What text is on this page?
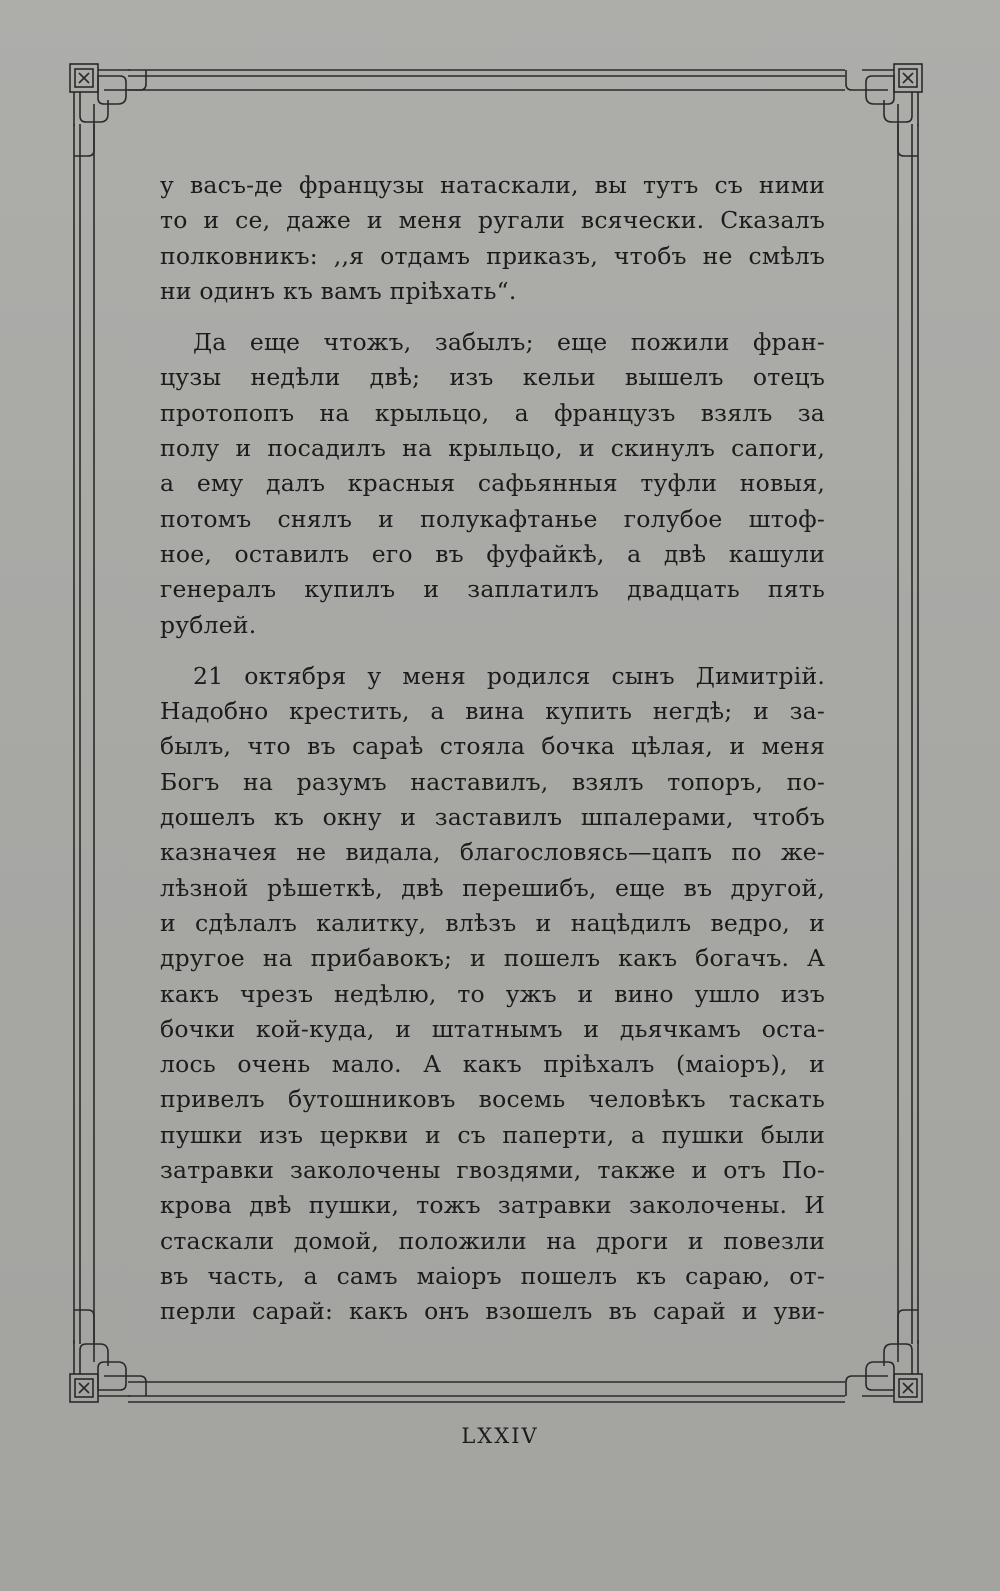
у васъ-де французы натаскали, вы тутъ съ ними
то и се, даже и меня ругали всячески. Сказалъ
полковникъ: ,,я отдамъ приказъ, чтобъ не смѣлъ
ни одинъ къ вамъ пріѣхать“.
Да еще чтожъ, забылъ; еще пожили фран-
цузы недѣли двѣ; изъ кельи вышелъ отецъ
протопопъ на крыльцо, а французъ взялъ за
полу и посадилъ на крыльцо, и скинулъ сапоги,
а ему далъ красныя сафьянныя туфли новыя,
потомъ снялъ и полукафтанье голубое штоф-
ное, оставилъ его въ фуфайкѣ, а двѣ кашули
генералъ купилъ и заплатилъ двадцать пять
рублей.
21 октября у меня родился сынъ Димитрій.
Надобно крестить, а вина купить негдѣ; и за-
былъ, что въ сараѣ стояла бочка цѣлая, и меня
Богъ на разумъ наставилъ, взялъ топоръ, по-
дошелъ къ окну и заставилъ шпалерами, чтобъ
казначея не видала, благословясь—цапъ по же-
лѣзной рѣшеткѣ, двѣ перешибъ, еще въ другой,
и сдѣлалъ калитку, влѣзъ и нацѣдилъ ведро, и
другое на прибавокъ; и пошелъ какъ богачъ. А
какъ чрезъ недѣлю, то ужъ и вино ушло изъ
бочки кой-куда, и штатнымъ и дьячкамъ оста-
лось очень мало. А какъ пріѣхалъ (маіоръ), и
привелъ бутошниковъ восемь человѣкъ таскать
пушки изъ церкви и съ паперти, а пушки были
затравки заколочены гвоздями, также и отъ По-
крова двѣ пушки, тожъ затравки заколочены. И
стаскали домой, положили на дроги и повезли
въ часть, а самъ маіоръ пошелъ къ сараю, от-
перли сарай: какъ онъ взошелъ въ сарай и уви-
LXXIV
